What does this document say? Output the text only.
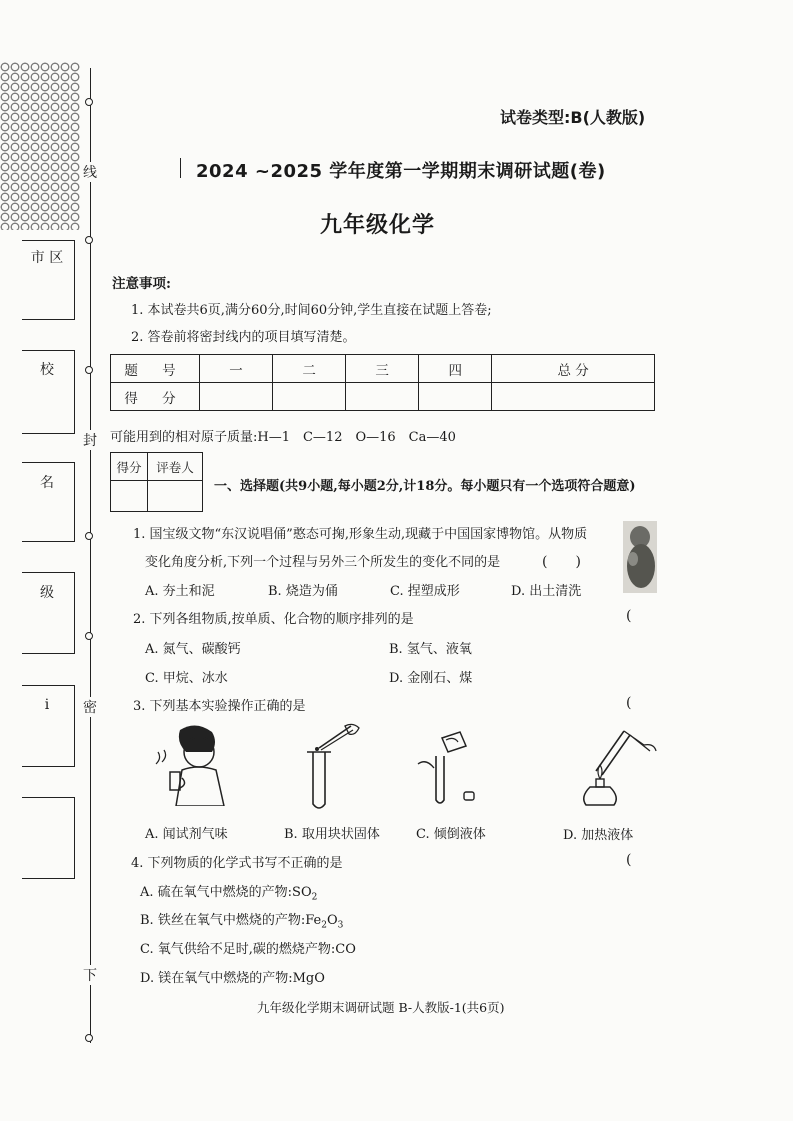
线
封
密
下
市 区
校
名
级
i
试卷类型:B(人教版)
2024 ~2025 学年度第一学期期末调研试题(卷)
九年级化学
注意事项:
1. 本试卷共6页,满分60分,时间60分钟,学生直接在试题上答卷;
2. 答卷前将密封线内的项目填写清楚。
题 号	一	二	三	四	总 分
得 分					
可能用到的相对原子质量:H—1　C—12　O—16　Ca—40
得分	评卷人

一、选择题(共9小题,每小题2分,计18分。每小题只有一个选项符合题意)
1. 国宝级文物“东汉说唱俑”憨态可掬,形象生动,现藏于中国国家博物馆。从物质
变化角度分析,下列一个过程与另外三个所发生的变化不同的是	(　　)
A. 夯土和泥	B. 烧造为俑	C. 捏塑成形	D. 出土清洗
2. 下列各组物质,按单质、化合物的顺序排列的是	(
A. 氮气、碳酸钙	B. 氢气、液氧
C. 甲烷、冰水	D. 金刚石、煤
3. 下列基本实验操作正确的是	(
A. 闻试剂气味	B. 取用块状固体	C. 倾倒液体	D. 加热液体
4. 下列物质的化学式书写不正确的是	(
A. 硫在氧气中燃烧的产物$:SO_2$
B. 铁丝在氧气中燃烧的产物$:Fe_2O_3$
C. 氧气供给不足时,碳的燃烧产物:CO
D. 镁在氧气中燃烧的产物:MgO
九年级化学期末调研试题 B-人教版-1(共6页)
